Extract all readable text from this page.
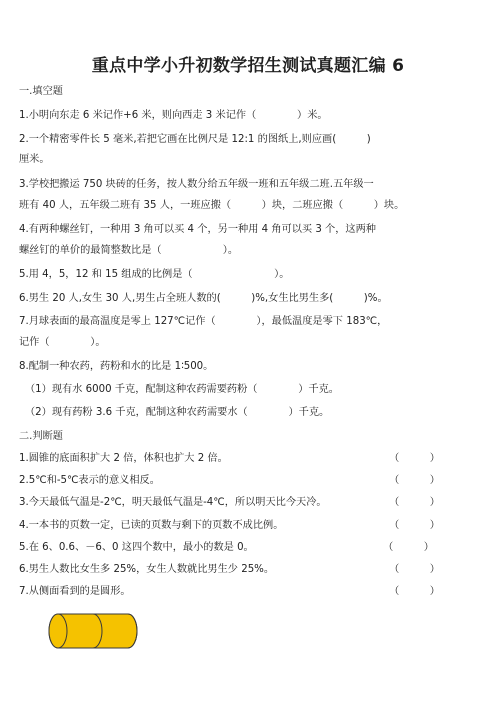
重点中学小升初数学招生测试真题汇编 6
一.填空题
1.小明向东走 6 米记作+6 米，则向西走 3 米记作（　　　　）米。
2.一个精密零件长 5 毫米,若把它画在比例尺是 12:1 的图纸上,则应画(　　　)
厘米。
3.学校把搬运 750 块砖的任务，按人数分给五年级一班和五年级二班.五年级一
班有 40 人，五年级二班有 35 人，一班应搬（　　　）块，二班应搬（　　　）块。
4.有两种螺丝钉，一种用 3 角可以买 4 个，另一种用 4 角可以买 3 个，这两种
螺丝钉的单价的最简整数比是（　　　　　　）。
5.用 4，5，12 和 15 组成的比例是（　　　　　　　　）。
6.男生 20 人,女生 30 人,男生占全班人数的(　　　)%,女生比男生多(　　　)%。
7.月球表面的最高温度是零上 127℃记作（　　　　），最低温度是零下 183℃，
记作（　　　　）。
8.配制一种农药，药粉和水的比是 1∶500。
（1）现有水 6000 千克，配制这种农药需要药粉（　　　　）千克。
（2）现有药粉 3.6 千克，配制这种农药需要水（　　　　）千克。
二.判断题
1.圆锥的底面积扩大 2 倍，体积也扩大 2 倍。	（　　　）
2.5℃和-5℃表示的意义相反。	（　　　）
3.今天最低气温是-2℃，明天最低气温是-4℃，所以明天比今天冷。	（　　　）
4.一本书的页数一定，已读的页数与剩下的页数不成比例。	（　　　）
5.在 6、0.6、－6、0 这四个数中，最小的数是 0。	（　　　）
6.男生人数比女生多 25%，女生人数就比男生少 25%。	（　　　）
7.从侧面看到的是圆形。	（　　　）
